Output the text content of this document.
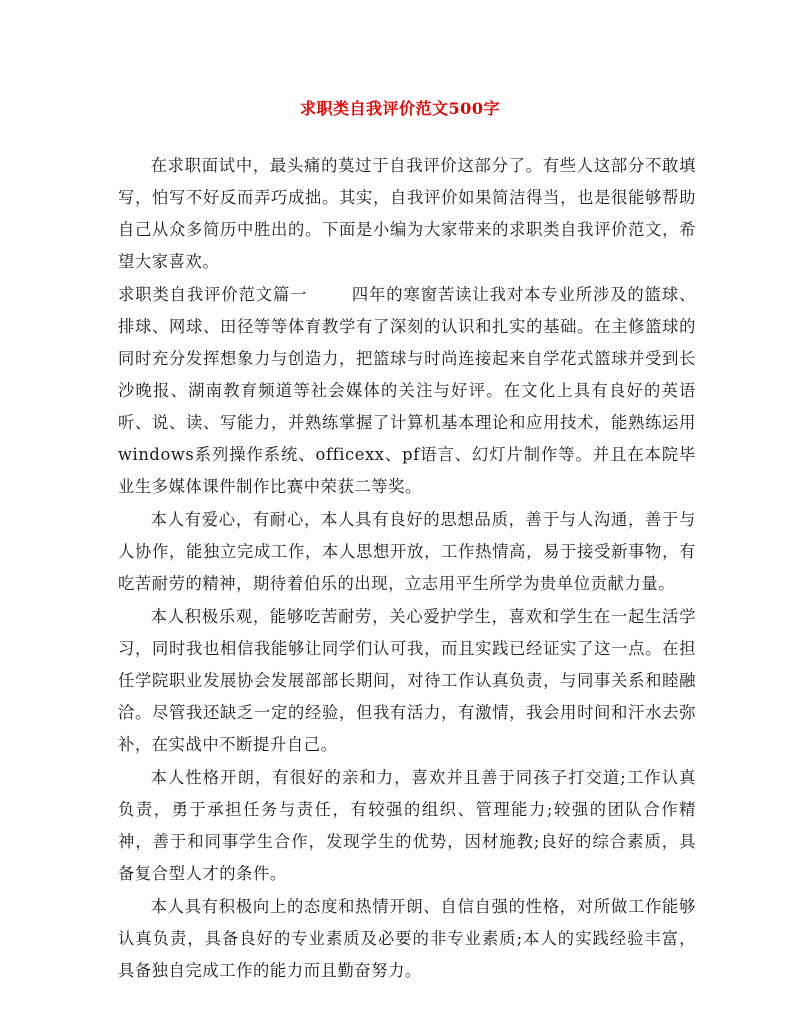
求职类自我评价范文500字

在求职面试中，最头痛的莫过于自我评价这部分了。有些人这部分不敢填写，怕写不好反而弄巧成拙。其实，自我评价如果简洁得当，也是很能够帮助自己从众多简历中胜出的。下面是小编为大家带来的求职类自我评价范文，希望大家喜欢。

求职类自我评价范文篇一	四年的寒窗苦读让我对本专业所涉及的篮球、排球、网球、田径等等体育教学有了深刻的认识和扎实的基础。在主修篮球的同时充分发挥想象力与创造力，把篮球与时尚连接起来自学花式篮球并受到长沙晚报、湖南教育频道等社会媒体的关注与好评。在文化上具有良好的英语听、说、读、写能力，并熟练掌握了计算机基本理论和应用技术，能熟练运用windows系列操作系统、officexx、pf语言、幻灯片制作等。并且在本院毕业生多媒体课件制作比赛中荣获二等奖。

本人有爱心，有耐心，本人具有良好的思想品质，善于与人沟通，善于与人协作，能独立完成工作，本人思想开放，工作热情高，易于接受新事物，有吃苦耐劳的精神，期待着伯乐的出现，立志用平生所学为贵单位贡献力量。

本人积极乐观，能够吃苦耐劳，关心爱护学生，喜欢和学生在一起生活学习，同时我也相信我能够让同学们认可我，而且实践已经证实了这一点。在担任学院职业发展协会发展部部长期间，对待工作认真负责，与同事关系和睦融洽。尽管我还缺乏一定的经验，但我有活力，有激情，我会用时间和汗水去弥补，在实战中不断提升自己。

本人性格开朗，有很好的亲和力，喜欢并且善于同孩子打交道;工作认真负责，勇于承担任务与责任，有较强的组织、管理能力;较强的团队合作精神，善于和同事学生合作，发现学生的优势，因材施教;良好的综合素质，具备复合型人才的条件。

本人具有积极向上的态度和热情开朗、自信自强的性格，对所做工作能够认真负责，具备良好的专业素质及必要的非专业素质;本人的实践经验丰富，具备独自完成工作的能力而且勤奋努力。
